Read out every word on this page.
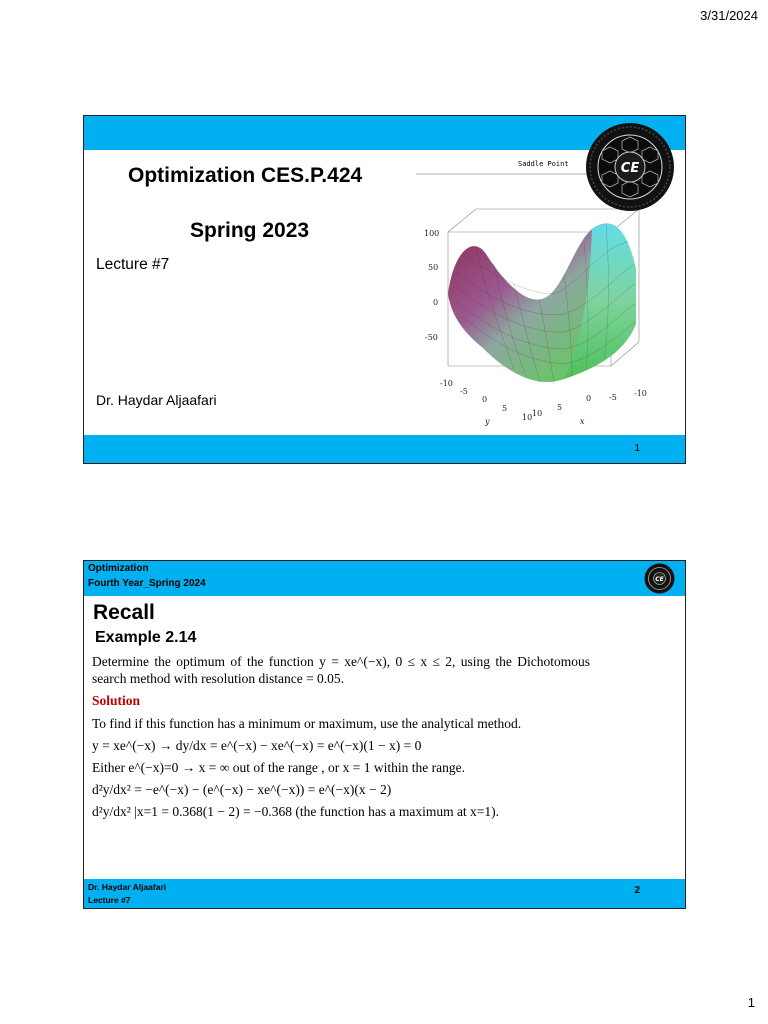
3/31/2024
Optimization CES.P.424
Spring 2023
Lecture #7
Dr. Haydar Aljaafari
Saddle Point
100
50
0
-50
-10
-5
0
5
10
y
10
5
0 -5 -10
x
CE
1
Optimization
Fourth Year_Spring 2024	CE
Recall
Example 2.14

Determine the optimum of the function y = xe^(−x), 0 ≤ x ≤ 2, using the Dichotomous search method with resolution distance = 0.05.

Solution

To find if this function has a minimum or maximum, use the analytical method.

y = xe^(−x) → dy/dx = e^(−x) − xe^(−x) = e^(−x)(1 − x) = 0

Either e^(−x)=0 → x = ∞ out of the range , or x = 1 within the range.

d²y/dx² = −e^(−x) − (e^(−x) − xe^(−x)) = e^(−x)(x − 2)

d²y/dx² |x=1 = 0.368(1 − 2) = −0.368 (the function has a maximum at x=1).

Dr. Haydar Aljaafari
Lecture #7
2
1
